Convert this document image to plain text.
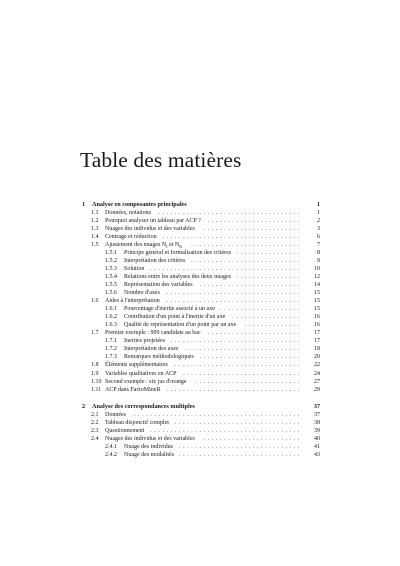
Table des matières
1 Analyse en composantes principales	1
1.1 Données, notations	1
...................................
1.2 Pourquoi analyser un tableau par ACP ?	2
.......................
1.3 Nuages des individus et des variables	3
........................
1.4 Centrage et réduction	6
..................................
1.5 Ajustement des nuages $N_I$ et $N_K$	7
...........................
1.5.1 Principe général et formalisation des critères	8
................
1.5.2 Interprétation des critères	9
...........................
1.5.3 Solution	10
.....................................
1.5.4 Relations entre les analyses des deux nuages	12
................
1.5.5 Représentation des variables	14
.........................
1.5.6 Nombre d'axes	15
.................................
1.6 Aides à l'interprétation	15
.................................
1.6.1 Pourcentage d'inertie associé à un axe	15
....................
1.6.2 Contribution d'un point à l'inertie d'un axe	16
.................
1.6.3 Qualité de représentation d'un point par un axe	16
..............
1.7 Premier exemple : 909 candidats au bac	17
.......................
1.7.1 Inerties projetées	17
................................
1.7.2 Interprétation des axes	18
............................
1.7.3 Remarques méthodologiques	20
.........................
1.8 Éléments supplémentaires	22
...............................
1.9 Variables qualitatives en ACP	24
.............................
1.10 Second exemple : six jus d'orange	27
..........................
1.11 ACP dans FactoMineR	29
.................................
2 Analyse des correspondances multiples	37
2.1 Données	37
.........................................
2.2 Tableau disjonctif complet	38
...............................
2.3 Questionnement	39
.....................................
2.4 Nuages des individus et des variables	40
........................
2.4.1 Nuage des individus	41
..............................
2.4.2 Nuage des modalités	43
..............................
